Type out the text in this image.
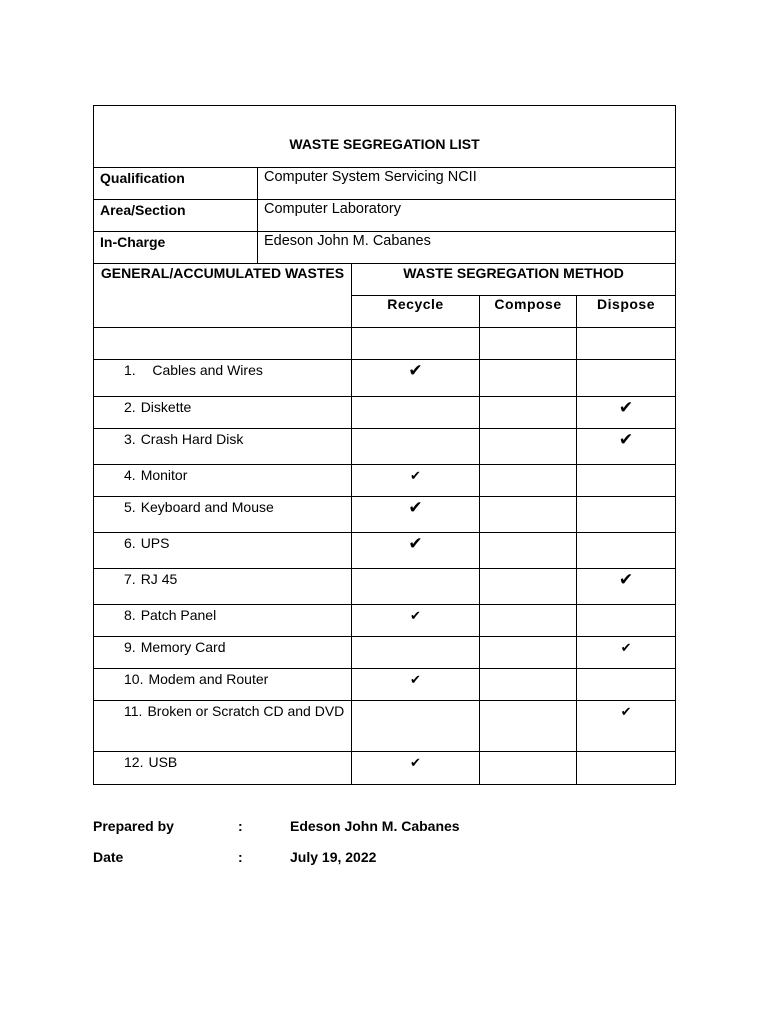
WASTE SEGREGATION LIST				
Qualification	Computer System Servicing NCII			
Area/Section	Computer Laboratory			
In-Charge	Edeson John M. Cabanes			
GENERAL/ACCUMULATED WASTES		WASTE SEGREGATION METHOD		
		Recycle	Compose	Dispose

1. Cables and Wires		✔		

2. Diskette				✔

3. Crash Hard Disk				✔

4. Monitor		✔		

5. Keyboard and Mouse		✔		

6. UPS		✔		

7. RJ 45				✔

8. Patch Panel		✔		

9. Memory Card				✔

10. Modem and Router		✔		

11. Broken or Scratch CD and DVD				✔

12. USB		✔		
Prepared by	:	Edeson John M. Cabanes
Date	:	July 19, 2022
